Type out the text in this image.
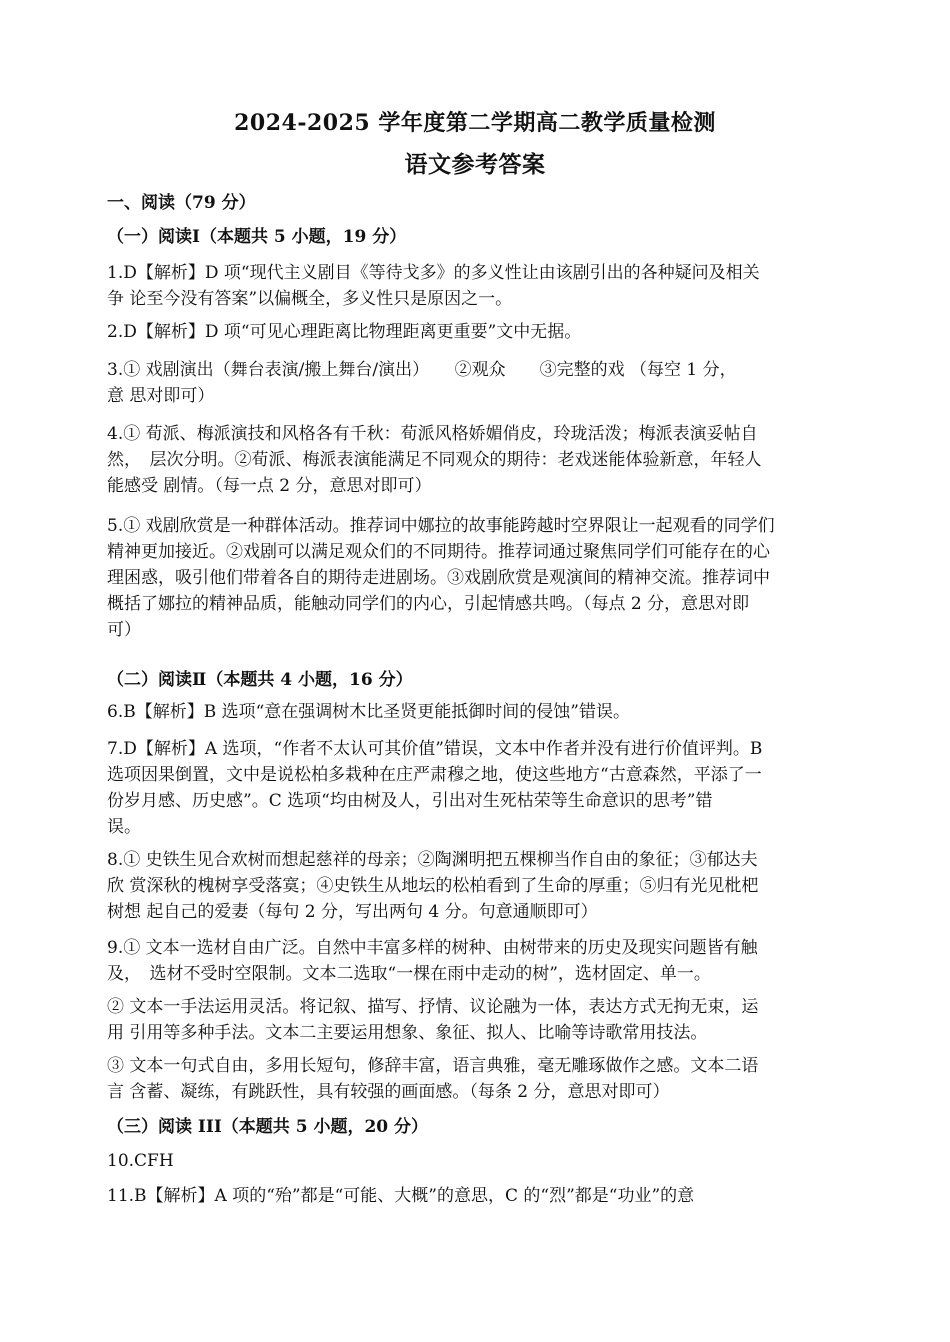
2024-2025 学年度第二学期高二教学质量检测
语文参考答案
一、阅读（79 分）
（一）阅读Ⅰ（本题共 5 小题，19 分）
1.D【解析】D 项“现代主义剧目《等待戈多》的多义性让由该剧引出的各种疑问及相关
争 论至今没有答案”以偏概全，多义性只是原因之一。
2.D【解析】D 项“可见心理距离比物理距离更重要”文中无据。
3.① 戏剧演出（舞台表演/搬上舞台/演出）　　②观众　　③完整的戏 （每空 1 分，
意 思对即可）
4.① 荀派、梅派演技和风格各有千秋：荀派风格娇媚俏皮，玲珑活泼；梅派表演妥帖自
然，　层次分明。②荀派、梅派表演能满足不同观众的期待：老戏迷能体验新意，年轻人
能感受 剧情。（每一点 2 分，意思对即可）
5.① 戏剧欣赏是一种群体活动。推荐词中娜拉的故事能跨越时空界限让一起观看的同学们
精神更加接近。②戏剧可以满足观众们的不同期待。推荐词通过聚焦同学们可能存在的心
理困惑，吸引他们带着各自的期待走进剧场。③戏剧欣赏是观演间的精神交流。推荐词中
概括了娜拉的精神品质，能触动同学们的内心，引起情感共鸣。（每点 2 分，意思对即
可）
（二）阅读Ⅱ（本题共 4 小题，16 分）
6.B【解析】B 选项“意在强调树木比圣贤更能抵御时间的侵蚀”错误。
7.D【解析】A 选项，“作者不太认可其价值”错误，文本中作者并没有进行价值评判。B
选项因果倒置，文中是说松柏多栽种在庄严肃穆之地，使这些地方“古意森然，平添了一
份岁月感、历史感”。C 选项“均由树及人，引出对生死枯荣等生命意识的思考”错
误。
8.① 史铁生见合欢树而想起慈祥的母亲；②陶渊明把五棵柳当作自由的象征；③郁达夫
欣 赏深秋的槐树享受落寞；④史铁生从地坛的松柏看到了生命的厚重；⑤归有光见枇杷
树想 起自己的爱妻（每句 2 分，写出两句 4 分。句意通顺即可）
9.① 文本一选材自由广泛。自然中丰富多样的树种、由树带来的历史及现实问题皆有触
及，　选材不受时空限制。文本二选取“一棵在雨中走动的树”，选材固定、单一。
② 文本一手法运用灵活。将记叙、描写、抒情、议论融为一体，表达方式无拘无束，运
用 引用等多种手法。文本二主要运用想象、象征、拟人、比喻等诗歌常用技法。
③ 文本一句式自由，多用长短句，修辞丰富，语言典雅，毫无雕琢做作之感。文本二语
言 含蓄、凝练，有跳跃性，具有较强的画面感。（每条 2 分，意思对即可）
（三）阅读 III（本题共 5 小题，20 分）
10.CFH
11.B【解析】A 项的“殆”都是“可能、大概”的意思，C 的“烈”都是“功业”的意
